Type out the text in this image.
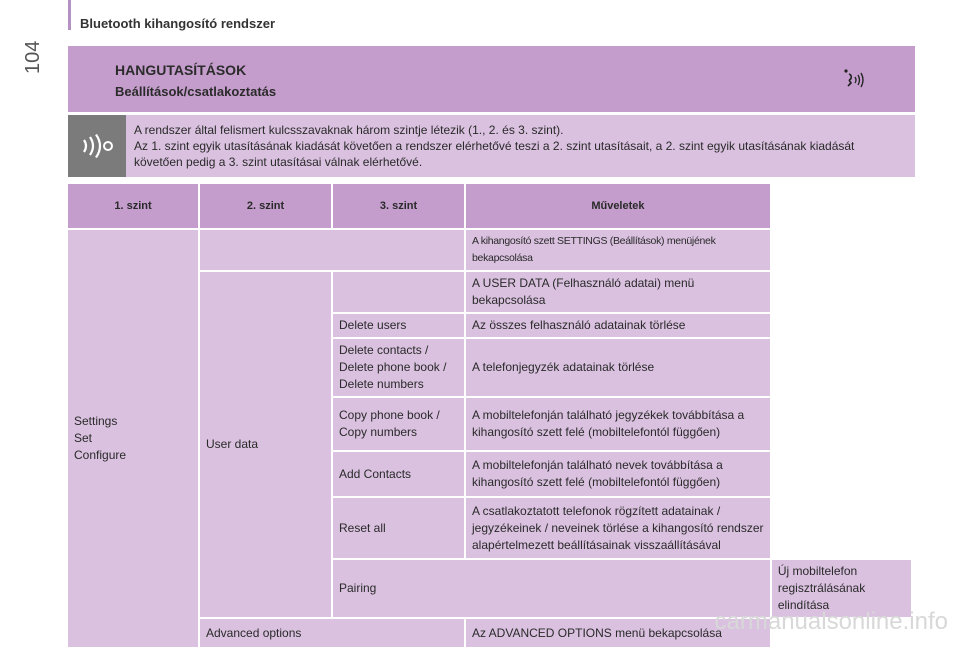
104
Bluetooth kihangosító rendszer
HANGUTASÍTÁSOK
Beállítások/csatlakoztatás

A rendszer által felismert kulcsszavaknak három szintje létezik (1., 2. és 3. szint).

Az 1. szint egyik utasításának kiadását követően a rendszer elérhetővé teszi a 2. szint utasításait, a 2. szint egyik utasításának kiadását követően pedig a 3. szint utasításai válnak elérhetővé.

1. szint	2. szint	3. szint	Műveletek	
Settings
Set
Configure			A kihangosító szett SETTINGS (Beállítások) menüjének bekapcsolása	
	User data		A USER DATA (Felhasználó adatai) menü bekapcsolása	
		Delete users	Az összes felhasználó adatainak törlése	
		Delete contacts /
Delete phone book /
Delete numbers	A telefonjegyzék adatainak törlése	
		Copy phone book /
Copy numbers	A mobiltelefonján található jegyzékek továbbítása a kihangosító szett felé (mobiltelefontól függően)	
		Add Contacts	A mobiltelefonján található nevek továbbítása a kihangosító szett felé (mobiltelefontól függően)	
		Reset all	A csatlakoztatott telefonok rögzített adatainak / jegyzékeinek / neveinek törlése a kihangosító rendszer alapértelmezett beállításainak visszaállításával	
		Pairing		Új mobiltelefon regisztrálásának elindítása
	Advanced options		Az ADVANCED OPTIONS menü bekapcsolása	
carmanualsonline.info
